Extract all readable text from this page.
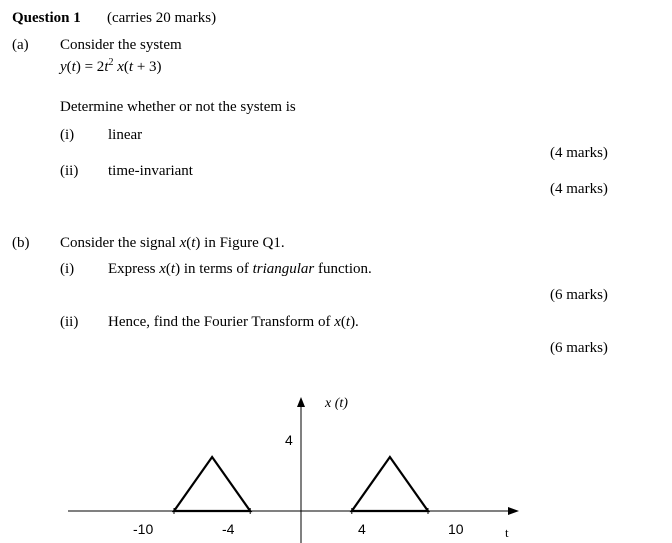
Question 1 (carries 20 marks)
(a) Consider the system
$y(t) = 2t^2$ x(t + 3)
Determine whether or not the system is
(i) linear
(4 marks)
(ii) time-invariant
(4 marks)
(b) Consider the signal x(t) in Figure Q1.
(i) Express x(t) in terms of triangular function.
(6 marks)
(ii) Hence, find the Fourier Transform of x(t).
(6 marks)
x (t)
t
4
-10	-4	4	10
